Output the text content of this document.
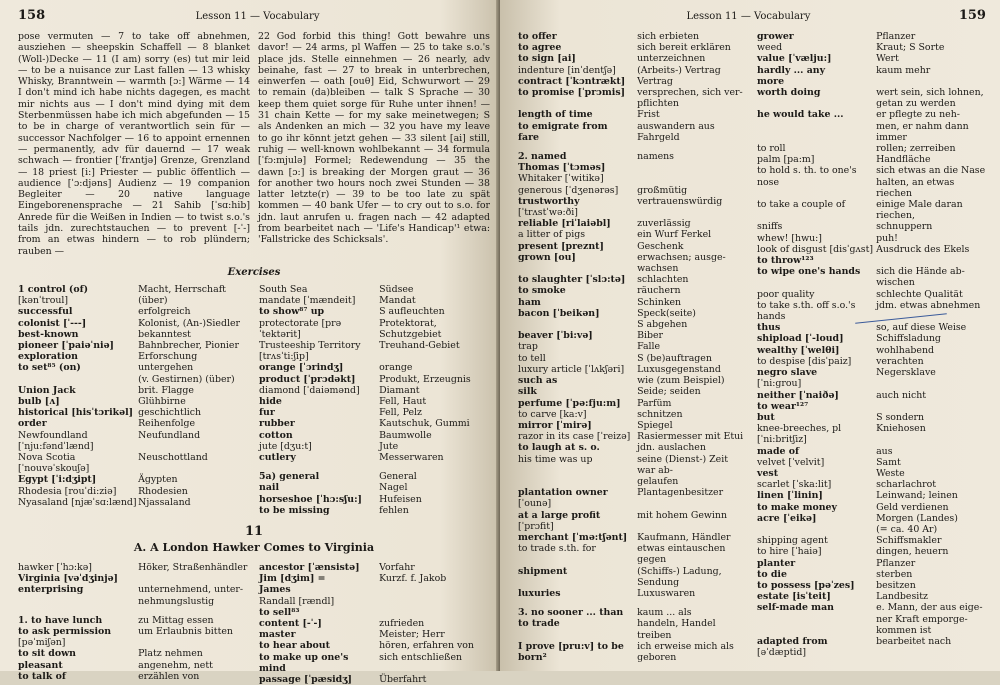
158	Lesson 11 — Vocabulary

pose vermuten — 7 to take off abnehmen, ausziehen — sheepskin Schaffell — 8 blanket (Woll-)Decke — 11 (I am) sorry (es) tut mir leid — to be a nuisance zur Last fallen — 13 whisky Whisky, Branntwein — warmth [ɔ:] Wärme — 14 I don't mind ich habe nichts dagegen, es macht mir nichts aus — I don't mind dying mit dem Sterbenmüssen habe ich mich abgefunden — 15 to be in charge of verantwortlich sein für — successor Nachfolger — 16 to appoint ernennen — permanently, adv für dauernd — 17 weak schwach — frontier [ˈfrʌntjə] Grenze, Grenzland — 18 priest [i:] Priester — public öffentlich — audience [ˈɔ:djəns] Audienz — 19 companion Begleiter — 20 native language Eingeborenensprache — 21 Sahib [ˈsɑ:hib] Anrede für die Weißen in Indien — to twist s.o.'s tails jdn. zurechtstauchen — to prevent [-ˈ-] from an etwas hindern — to rob plündern; rauben —

22 God forbid this thing! Gott bewahre uns davor! — 24 arms, pl Waffen — 25 to take s.o.'s place jds. Stelle einnehmen — 26 nearly, adv beinahe, fast — 27 to break in unterbrechen, einwerfen — oath [ouθ] Eid, Schwurwort — 29 to remain (da)bleiben — talk S Sprache — 30 keep them quiet sorge für Ruhe unter ihnen! — 31 chain Kette — for my sake meinetwegen; S als Andenken an mich — 32 you have my leave to go ihr könnt jetzt gehen — 33 silent [ai] still, ruhig — well-known wohlbekannt — 34 formula [ˈfɔ:mjulə] Formel; Redewendung — 35 the dawn [ɔ:] is breaking der Morgen graut — 36 for another two hours noch zwei Stunden — 38 latter letzte(r) — 39 to be too late zu spät kommen — 40 bank Ufer — to cry out to s.o. for jdn. laut anrufen u. fragen nach — 42 adapted from bearbeitet nach — 'Life's Handicap'¹ etwa: 'Fallstricke des Schicksals'.

Exercises
1 control (of)	Macht, Herrschaft
[kənˈtroul]	(über)
successful	erfolgreich
colonist [ˈ---]	Kolonist, (An-)Siedler
best-known	bekanntest
pioneer [ˈpaiəˈniə]	Bahnbrecher, Pionier
exploration	Erforschung
to set⁸⁵ (on)	untergehen
	(v. Gestirnen) (über)
Union Jack	brit. Flagge
bulb [ʌ]	Glühbirne
historical [hisˈtɔrikəl]	geschichtlich
order	Reihenfolge
Newfoundland	Neufundland
[ˈnju:fəndˈlænd]	
Nova Scotia	Neuschottland
[ˈnouvəˈskouʃə]	
Egypt [ˈi:dʒipt]	Ägypten
Rhodesia [rouˈdi:ziə]	Rhodesien
Nyasaland [njæˈsɑ:lænd]	Njassaland
South Sea	Südsee
mandate [ˈmændeit]	Mandat
to show⁸⁷ up	S aufleuchten
protectorate [prəˈtektərit]	Protektorat, Schutzgebiet
Trusteeship Territory	Treuhand-Gebiet
[trʌsˈti:ʃip]	
orange [ˈɔrindʒ]	orange
product [ˈprɔdəkt]	Produkt, Erzeugnis
diamond [ˈdaiəmənd]	Diamant
hide	Fell, Haut
fur	Fell, Pelz
rubber	Kautschuk, Gummi
cotton	Baumwolle
jute [dʒu:t]	Jute
cutlery	Messerwaren

5a) general	General
nail	Nagel
horseshoe [ˈhɔ:sʃu:]	Hufeisen
to be missing	fehlen
11
A. A London Hawker Comes to Virginia
hawker [ˈhɔ:kə]	Höker, Straßenhändler
Virginia [vəˈdʒinjə]	
enterprising	unternehmend, unter-
	nehmungslustig

1. to have lunch	zu Mittag essen
to ask permission	um Erlaubnis bitten
[pəˈmiʃən]	
to sit down	Platz nehmen
pleasant	angenehm, nett
to talk of	erzählen von
ancestor [ˈænsistə]	Vorfahr
Jim [dʒim] =	Kurzf. f. Jakob
James	
Randall [rændl]	
to sell⁸³	
content [-ˈ-]	zufrieden
master	Meister; Herr
to hear about	hören, erfahren von
to make up one's	sich entschließen
mind	
passage [ˈpæsidʒ]	Überfahrt
Lesson 11 — Vocabulary	159
to offer	sich erbieten
to agree	sich bereit erklären
to sign [ai]	unterzeichnen
indenture [inˈdentʃə]	(Arbeits-) Vertrag
contract [ˈkɔntrækt]	Vertrag
to promise [ˈprɔmis]	versprechen, sich ver-
	pflichten
length of time	Frist
to emigrate from	auswandern aus
fare	Fahrgeld

2. named	namens
Thomas [ˈtɔməs]	
Whitaker [ˈwitikə]	
generous [ˈdʒenərəs]	großmütig
trustworthy	vertrauenswürdig
[ˈtrʌstˈwə:ði]	
reliable [riˈlaiəbl]	zuverlässig
a litter of pigs	ein Wurf Ferkel
present [preznt]	Geschenk
grown [ou]	erwachsen; ausge-
	wachsen
to slaughter [ˈslɔ:tə]	schlachten
to smoke	räuchern
ham	Schinken
bacon [ˈbeikən]	Speck(seite)
	S abgehen
beaver [ˈbi:və]	Biber
trap	Falle
to tell	S (be)auftragen
luxury article [ˈlʌkʃəri]	Luxusgegenstand
such as	wie (zum Beispiel)
silk	Seide; seiden
perfume [ˈpə:fju:m]	Parfüm
to carve [ka:v]	schnitzen
mirror [ˈmirə]	Spiegel
razor in its case [ˈreizə]	Rasiermesser mit Etui
to laugh at s. o.	jdn. auslachen
his time was up	seine (Dienst-) Zeit war ab-
	gelaufen
plantation owner	Plantagenbesitzer
[ˈounə]	
at a large profit	mit hohem Gewinn
[ˈprɔfit]	
merchant [ˈmə:tʃənt]	Kaufmann, Händler
to trade s.th. for	etwas eintauschen gegen
shipment	(Schiffs-) Ladung,
	Sendung
luxuries	Luxuswaren

3. no sooner ... than	kaum ... als
to trade	handeln, Handel
	treiben
I prove [pru:v] to be	ich erweise mich als
born²	geboren
grower	Pflanzer
weed	Kraut; S Sorte
value [ˈvælju:]	Wert
hardly ... any	kaum mehr
more	
worth doing	wert sein, sich lohnen,
	getan zu werden
he would take ...	er pflegte zu neh-
	men, er nahm dann
	immer
to roll	rollen; zerreiben
palm [pa:m]	Handfläche
to hold s. th. to one's	sich etwas an die Nase
nose	halten, an etwas riechen
to take a couple of	einige Male daran riechen,
sniffs	schnuppern
whew! [hwu:]	puh!
look of disgust [disˈgʌst]	Ausdruck des Ekels
to throw¹²³	
to wipe one's hands	sich die Hände ab-
	wischen
poor quality	schlechte Qualität
to take s.th. off s.o.'s	jdm. etwas abnehmen
hands	
thus	so, auf diese Weise
shipload [ˈ-loud]	Schiffsladung
wealthy [ˈwelθi]	wohlhabend
to despise [disˈpaiz]	verachten
negro slave	Negersklave
[ˈni:grou]	
neither [ˈnaiðə]	auch nicht
to wear¹²⁷	
but	S sondern
knee-breeches, pl	Kniehosen
[ˈni:britʃiz]	
made of	aus
velvet [ˈvelvit]	Samt
vest	Weste
scarlet [ˈska:lit]	scharlachrot
linen [ˈlinin]	Leinwand; leinen
to make money	Geld verdienen
acre [ˈeikə]	Morgen (Landes)
	(= ca. 40 Ar)
shipping agent	Schiffsmakler
to hire [ˈhaiə]	dingen, heuern
planter	Pflanzer
to die	sterben
to possess [pəˈzes]	besitzen
estate [isˈteit]	Landbesitz
self-made man	e. Mann, der aus eige-
	ner Kraft emporge-
	kommen ist
adapted from	bearbeitet nach
[əˈdæptid]	
